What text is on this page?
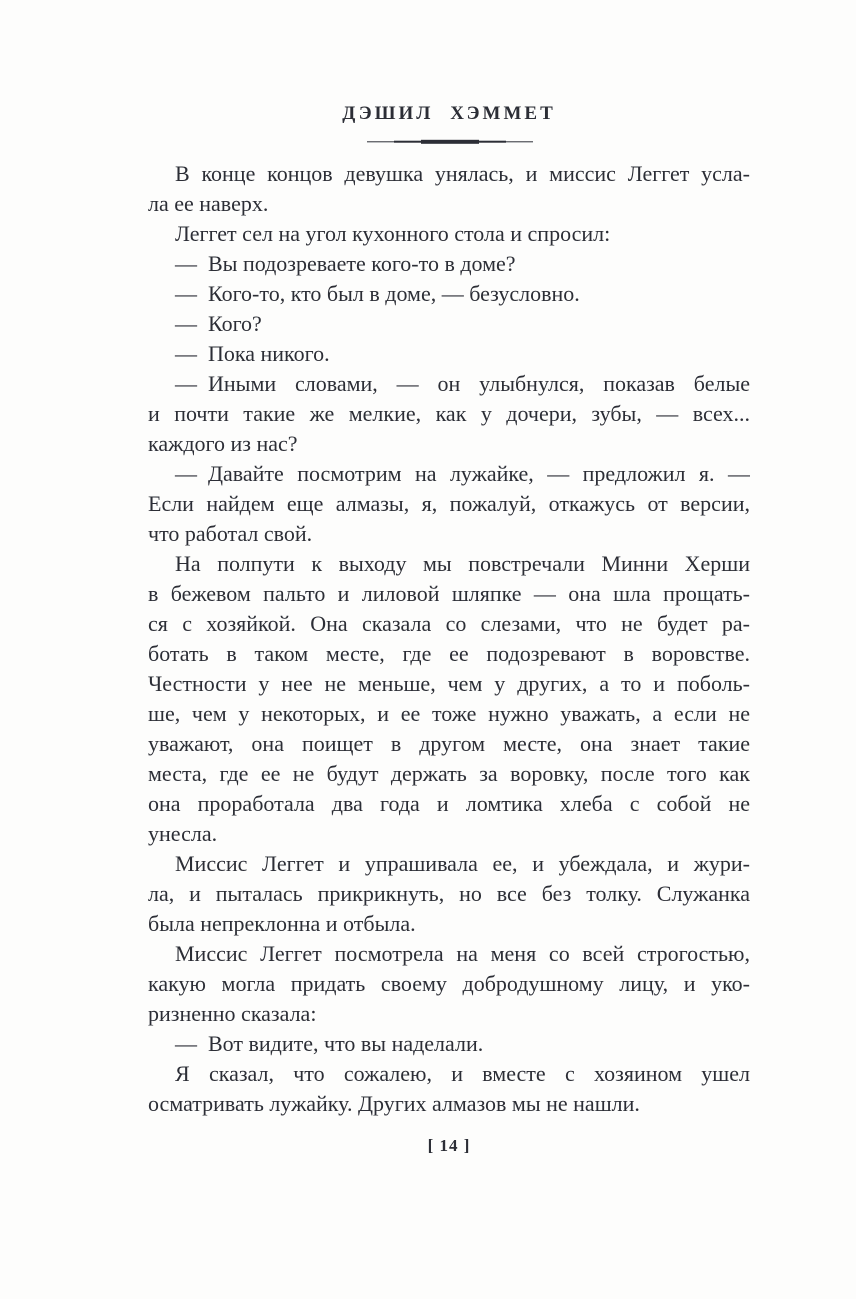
ДЭШИЛ ХЭММЕТ
В конце концов девушка унялась, и миссис Леггет усла-
ла ее наверх.
Леггет сел на угол кухонного стола и спросил:
— Вы подозреваете кого-то в доме?
— Кого-то, кто был в доме, — безусловно.
— Кого?
— Пока никого.
— Иными словами, — он улыбнулся, показав белые
и почти такие же мелкие, как у дочери, зубы, — всех...
каждого из нас?
— Давайте посмотрим на лужайке, — предложил я. —
Если найдем еще алмазы, я, пожалуй, откажусь от версии,
что работал свой.
На полпути к выходу мы повстречали Минни Херши
в бежевом пальто и лиловой шляпке — она шла прощать-
ся с хозяйкой. Она сказала со слезами, что не будет ра-
ботать в таком месте, где ее подозревают в воровстве.
Честности у нее не меньше, чем у других, а то и поболь-
ше, чем у некоторых, и ее тоже нужно уважать, а если не
уважают, она поищет в другом месте, она знает такие
места, где ее не будут держать за воровку, после того как
она проработала два года и ломтика хлеба с собой не
унесла.
Миссис Леггет и упрашивала ее, и убеждала, и жури-
ла, и пыталась прикрикнуть, но все без толку. Служанка
была непреклонна и отбыла.
Миссис Леггет посмотрела на меня со всей строгостью,
какую могла придать своему добродушному лицу, и уко-
ризненно сказала:
— Вот видите, что вы наделали.
Я сказал, что сожалею, и вместе с хозяином ушел
осматривать лужайку. Других алмазов мы не нашли.
[ 14 ]
